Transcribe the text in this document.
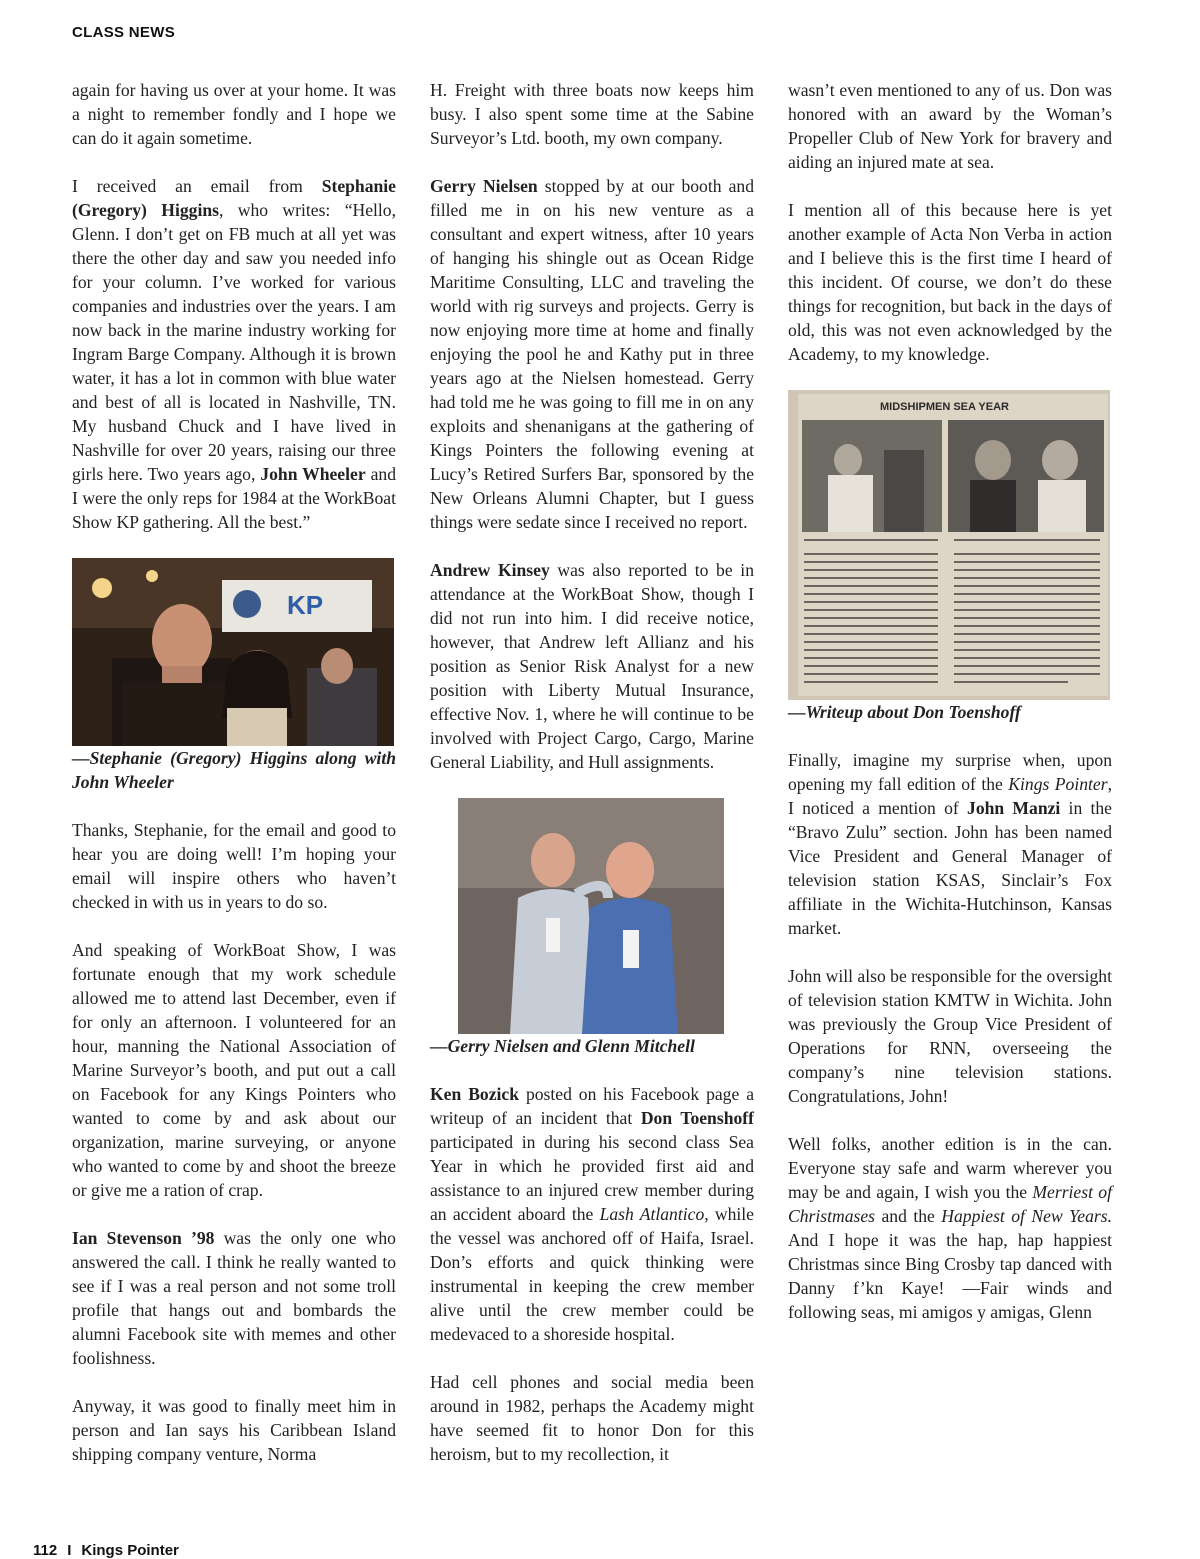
CLASS NEWS

again for having us over at your home. It was a night to remember fondly and I hope we can do it again sometime.

I received an email from Stephanie (Gregory) Higgins, who writes: “Hello, Glenn. I don’t get on FB much at all yet was there the other day and saw you needed info for your column. I’ve worked for various companies and industries over the years. I am now back in the marine industry working for Ingram Barge Company. Although it is brown water, it has a lot in common with blue water and best of all is located in Nashville, TN. My husband Chuck and I have lived in Nashville for over 20 years, raising our three girls here. Two years ago, John Wheeler and I were the only reps for 1984 at the WorkBoat Show KP gathering. All the best.”

KP

—Stephanie (Gregory) Higgins along with John Wheeler

Thanks, Stephanie, for the email and good to hear you are doing well! I’m hoping your email will inspire others who haven’t checked in with us in years to do so.

And speaking of WorkBoat Show, I was fortunate enough that my work schedule allowed me to attend last December, even if for only an afternoon. I volunteered for an hour, manning the National Association of Marine Surveyor’s booth, and put out a call on Facebook for any Kings Pointers who wanted to come by and ask about our organization, marine surveying, or anyone who wanted to come by and shoot the breeze or give me a ration of crap.

Ian Stevenson ’98 was the only one who answered the call. I think he really wanted to see if I was a real person and not some troll profile that hangs out and bombards the alumni Facebook site with memes and other foolishness.

Anyway, it was good to finally meet him in person and Ian says his Caribbean Island shipping company venture, Norma

H. Freight with three boats now keeps him busy. I also spent some time at the Sabine Surveyor’s Ltd. booth, my own company.

Gerry Nielsen stopped by at our booth and filled me in on his new venture as a consultant and expert witness, after 10 years of hanging his shingle out as Ocean Ridge Maritime Consulting, LLC and traveling the world with rig surveys and projects. Gerry is now enjoying more time at home and finally enjoying the pool he and Kathy put in three years ago at the Nielsen homestead. Gerry had told me he was going to fill me in on any exploits and shenanigans at the gathering of Kings Pointers the following evening at Lucy’s Retired Surfers Bar, sponsored by the New Orleans Alumni Chapter, but I guess things were sedate since I received no report.

Andrew Kinsey was also reported to be in attendance at the WorkBoat Show, though I did not run into him. I did receive notice, however, that Andrew left Allianz and his position as Senior Risk Analyst for a new position with Liberty Mutual Insurance, effective Nov. 1, where he will continue to be involved with Project Cargo, Cargo, Marine General Liability, and Hull assignments.

—Gerry Nielsen and Glenn Mitchell

Ken Bozick posted on his Facebook page a writeup of an incident that Don Toenshoff participated in during his second class Sea Year in which he provided first aid and assistance to an injured crew member during an accident aboard the Lash Atlantico, while the vessel was anchored off of Haifa, Israel. Don’s efforts and quick thinking were instrumental in keeping the crew member alive until the crew member could be medevaced to a shoreside hospital.

Had cell phones and social media been around in 1982, perhaps the Academy might have seemed fit to honor Don for this heroism, but to my recollection, it

wasn’t even mentioned to any of us. Don was honored with an award by the Woman’s Propeller Club of New York for bravery and aiding an injured mate at sea.

I mention all of this because here is yet another example of Acta Non Verba in action and I believe this is the first time I heard of this incident. Of course, we don’t do these things for recognition, but back in the days of old, this was not even acknowledged by the Academy, to my knowledge.

MIDSHIPMEN SEA YEAR

—Writeup about Don Toenshoff

Finally, imagine my surprise when, upon opening my fall edition of the Kings Pointer, I noticed a mention of John Manzi in the “Bravo Zulu” section. John has been named Vice President and General Manager of television station KSAS, Sinclair’s Fox affiliate in the Wichita-Hutchinson, Kansas market.

John will also be responsible for the oversight of television station KMTW in Wichita. John was previously the Group Vice President of Operations for RNN, overseeing the company’s nine television stations. Congratulations, John!

Well folks, another edition is in the can. Everyone stay safe and warm wherever you may be and again, I wish you the Merriest of Christmases and the Happiest of New Years. And I hope it was the hap, hap happiest Christmas since Bing Crosby tap danced with Danny f’kn Kaye! —Fair winds and following seas, mi amigos y amigas, Glenn

112 I Kings Pointer
